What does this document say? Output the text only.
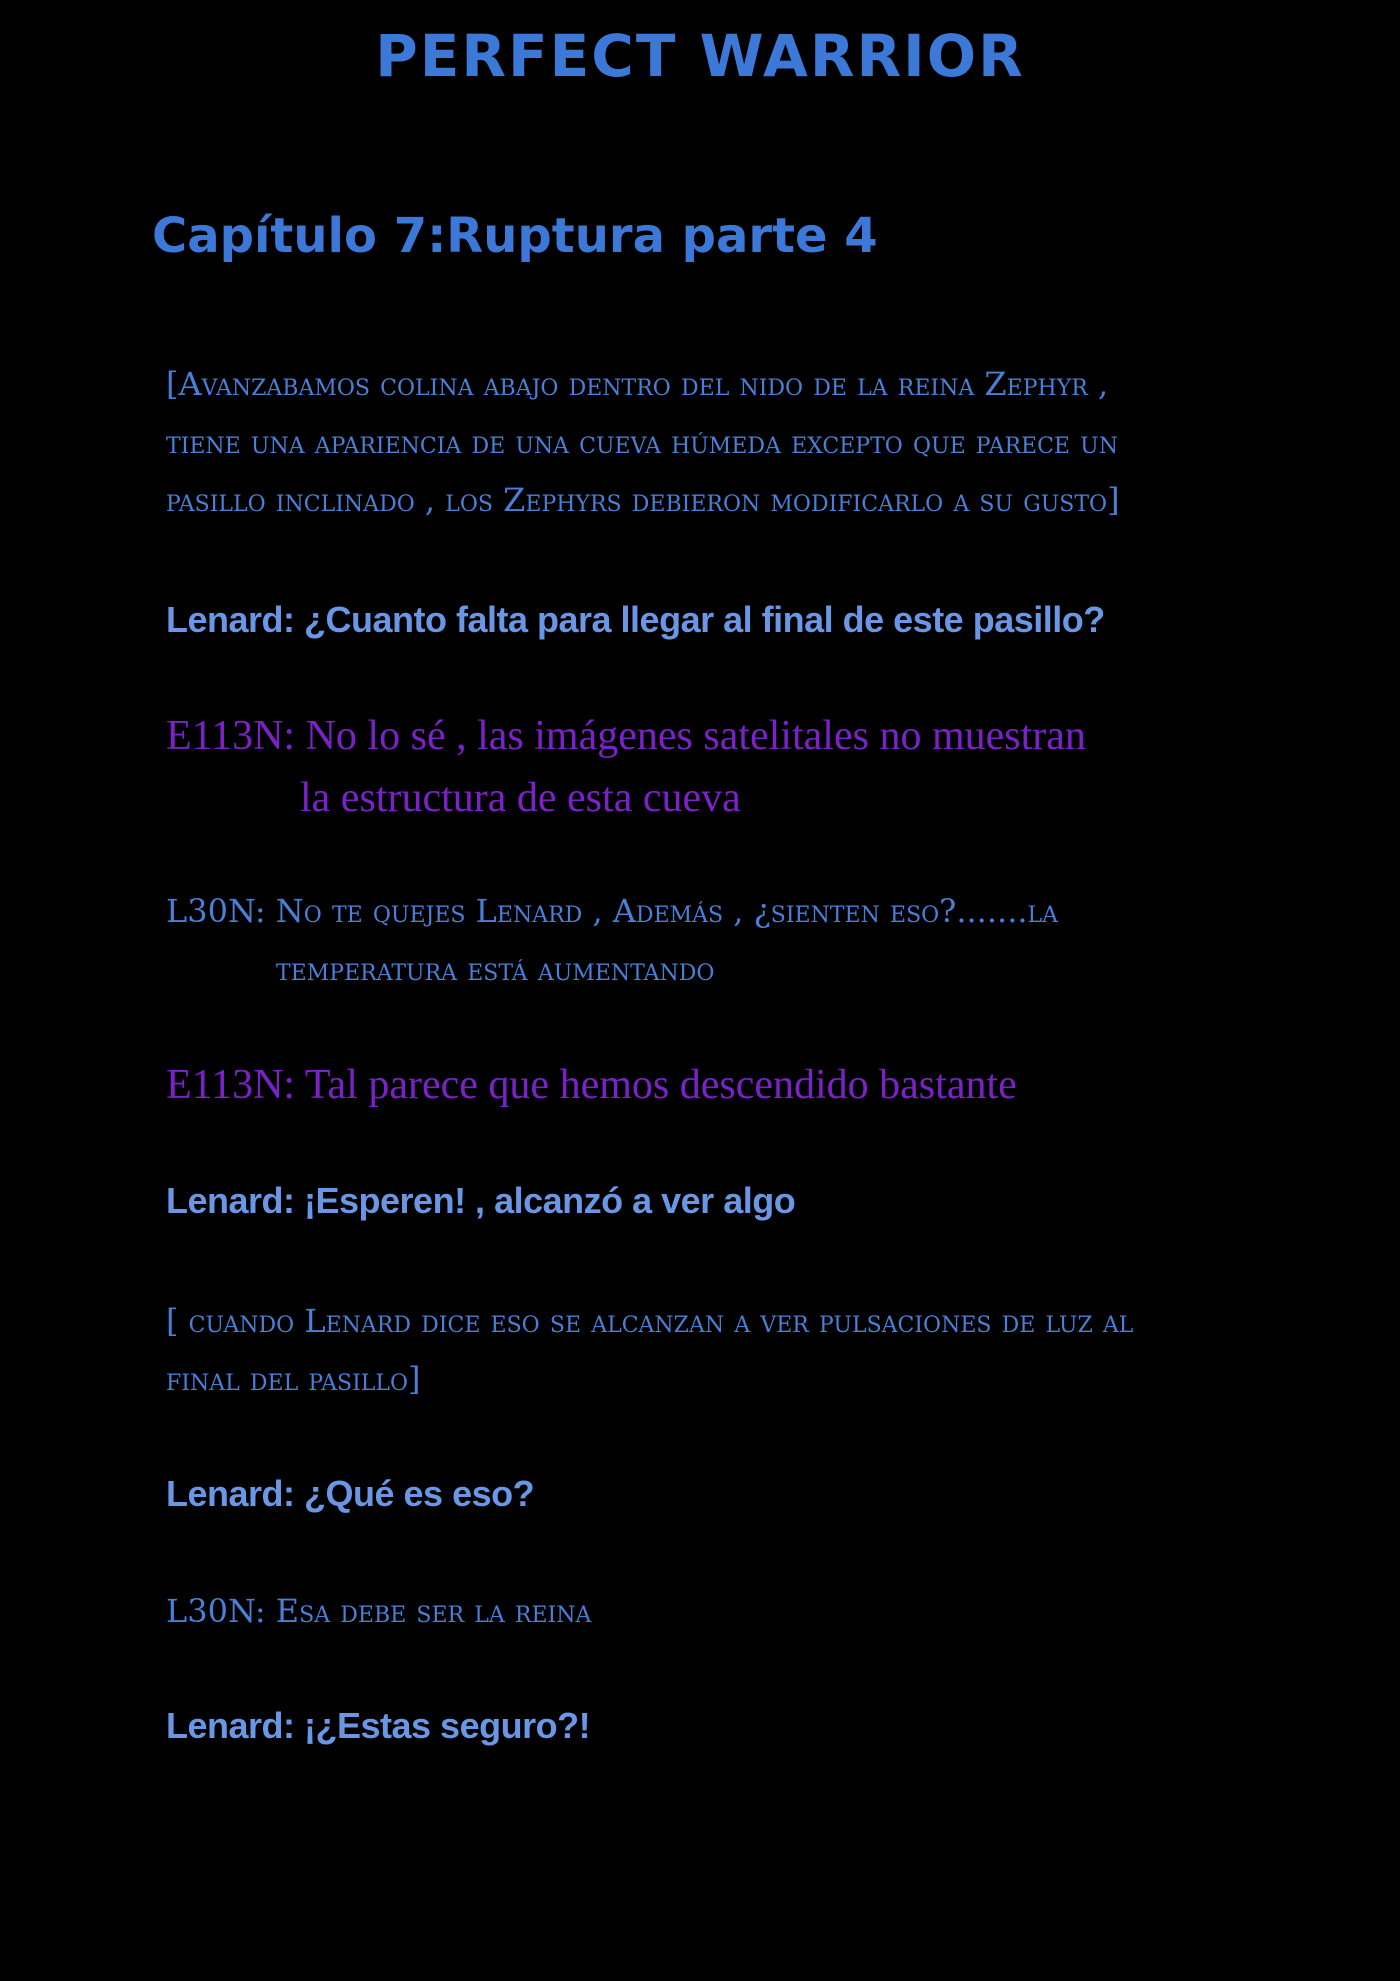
PERFECT WARRIOR
Capítulo 7:Ruptura parte 4

[Avanzabamos colina abajo dentro del nido de la reina Zephyr ,
tiene una apariencia de una cueva húmeda excepto que parece un
pasillo inclinado , los Zephyrs debieron modificarlo a su gusto]

Lenard: ¿Cuanto falta para llegar al final de este pasillo?

E113N: No lo sé , las imágenes satelitales no muestran
la estructura de esta cueva

L30N: No te quejes Lenard , Además , ¿sienten eso?.......la
temperatura está aumentando

E113N: Tal parece que hemos descendido bastante

Lenard: ¡Esperen! , alcanzó a ver algo

[ cuando Lenard dice eso se alcanzan a ver pulsaciones de luz al
final del pasillo]

Lenard: ¿Qué es eso?

L30N: Esa debe ser la reina

Lenard: ¡¿Estas seguro?!
